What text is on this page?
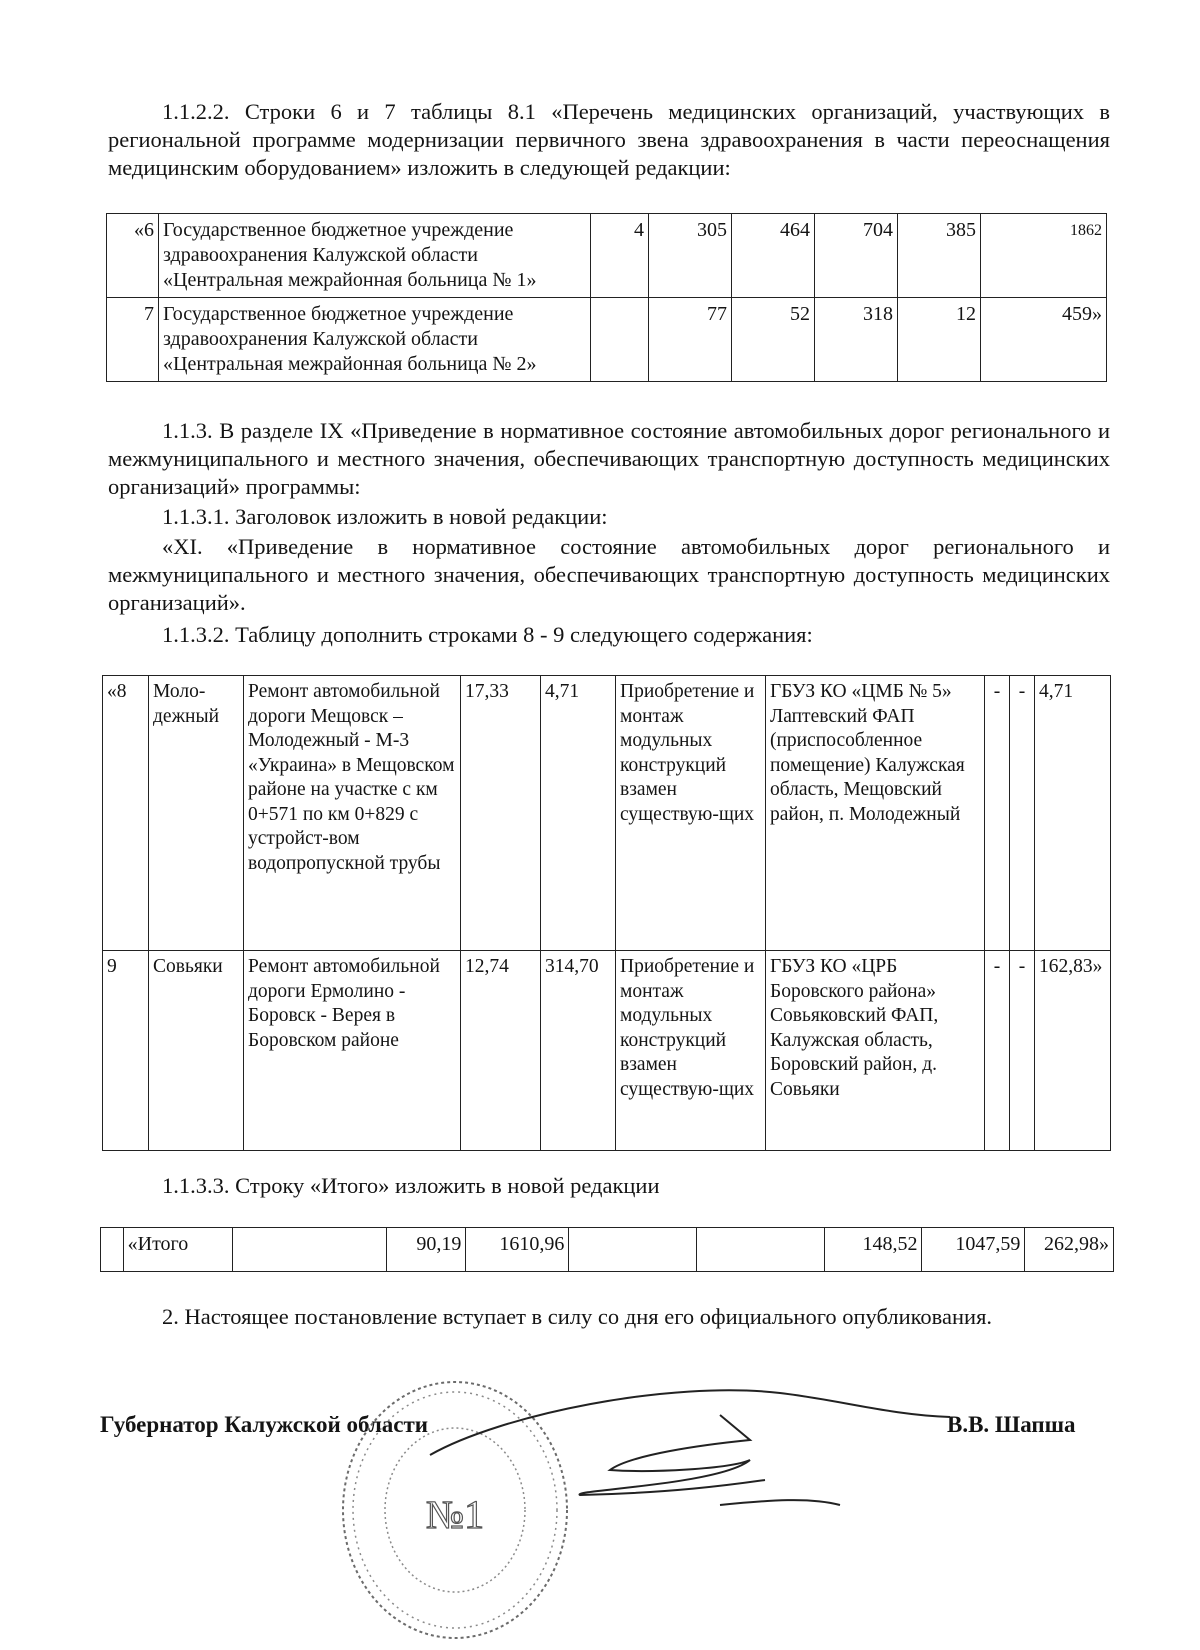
1.1.2.2. Строки 6 и 7 таблицы 8.1 «Перечень медицинских организаций, участвующих в региональной программе модернизации первичного звена здравоохранения в части переоснащения медицинским оборудованием» изложить в следующей редакции:

«6	Государственное бюджетное учреждение здравоохранения Калужской области «Центральная межрайонная больница № 1»	4	305	464	704	385	1862
7	Государственное бюджетное учреждение здравоохранения Калужской области «Центральная межрайонная больница № 2»		77	52	318	12	459»

1.1.3. В разделе IX «Приведение в нормативное состояние автомобильных дорог регионального и межмуниципального и местного значения, обеспечивающих транспортную доступность медицинских организаций» программы:

1.1.3.1. Заголовок изложить в новой редакции:

«XI. «Приведение в нормативное состояние автомобильных дорог регионального и межмуниципального и местного значения, обеспечивающих транспортную доступность медицинских организаций».

1.1.3.2. Таблицу дополнить строками 8 - 9 следующего содержания:

«8	Моло-дежный	Ремонт автомобильной дороги Мещовск – Молодежный - М-3 «Украина» в Мещовском районе на участке с км 0+571 по км 0+829 с устройст-вом водопропускной трубы	17,33	4,71	Приобретение и монтаж модульных конструкций взамен существую-щих	ГБУЗ КО «ЦМБ № 5» Лаптевский ФАП (приспособленное помещение) Калужская область, Мещовский район, п. Молодежный	-	-	4,71
9	Совьяки	Ремонт автомобильной дороги Ермолино - Боровск - Верея в Боровском районе	12,74	314,70	Приобретение и монтаж модульных конструкций взамен существую-щих	ГБУЗ КО «ЦРБ Боровского района» Совьяковский ФАП, Калужская область, Боровский район, д. Совьяки	-	-	162,83»

1.1.3.3. Строку «Итого» изложить в новой редакции

	«Итого		90,19	1610,96			148,52	1047,59	262,98»

2. Настоящее постановление вступает в силу со дня его официального опубликования.

Губернатор Калужской области	В.В. Шапша
№1
